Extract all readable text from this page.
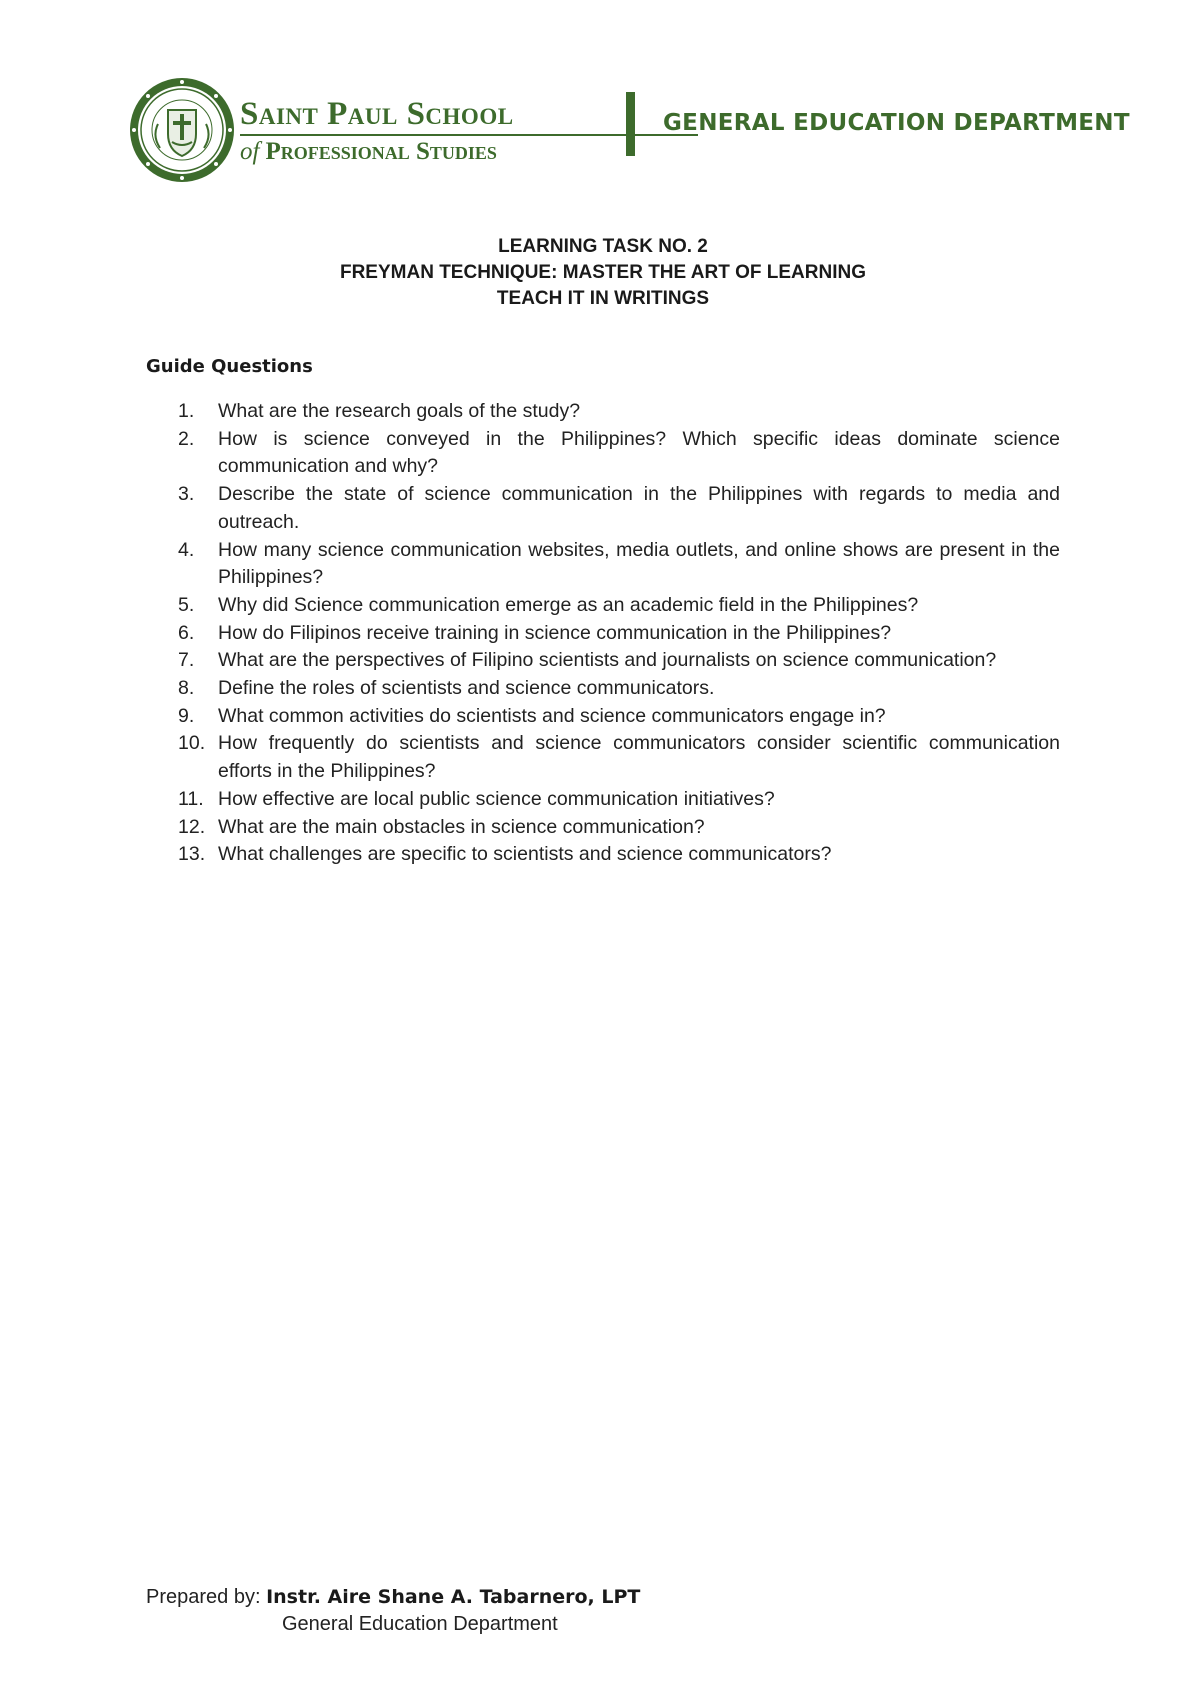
Saint Paul School
of Professional Studies
GENERAL EDUCATION DEPARTMENT
LEARNING TASK NO. 2
FREYMAN TECHNIQUE: MASTER THE ART OF LEARNING
TEACH IT IN WRITINGS
Guide Questions
1. What are the research goals of the study?
2. How is science conveyed in the Philippines? Which specific ideas dominate science communication and why?
3. Describe the state of science communication in the Philippines with regards to media and outreach.
4. How many science communication websites, media outlets, and online shows are present in the Philippines?
5. Why did Science communication emerge as an academic field in the Philippines?
6. How do Filipinos receive training in science communication in the Philippines?
7. What are the perspectives of Filipino scientists and journalists on science communication?
8. Define the roles of scientists and science communicators.
9. What common activities do scientists and science communicators engage in?
10. How frequently do scientists and science communicators consider scientific communication efforts in the Philippines?
11. How effective are local public science communication initiatives?
12. What are the main obstacles in science communication?
13. What challenges are specific to scientists and science communicators?
Prepared by: Instr. Aire Shane A. Tabarnero, LPT
General Education Department
